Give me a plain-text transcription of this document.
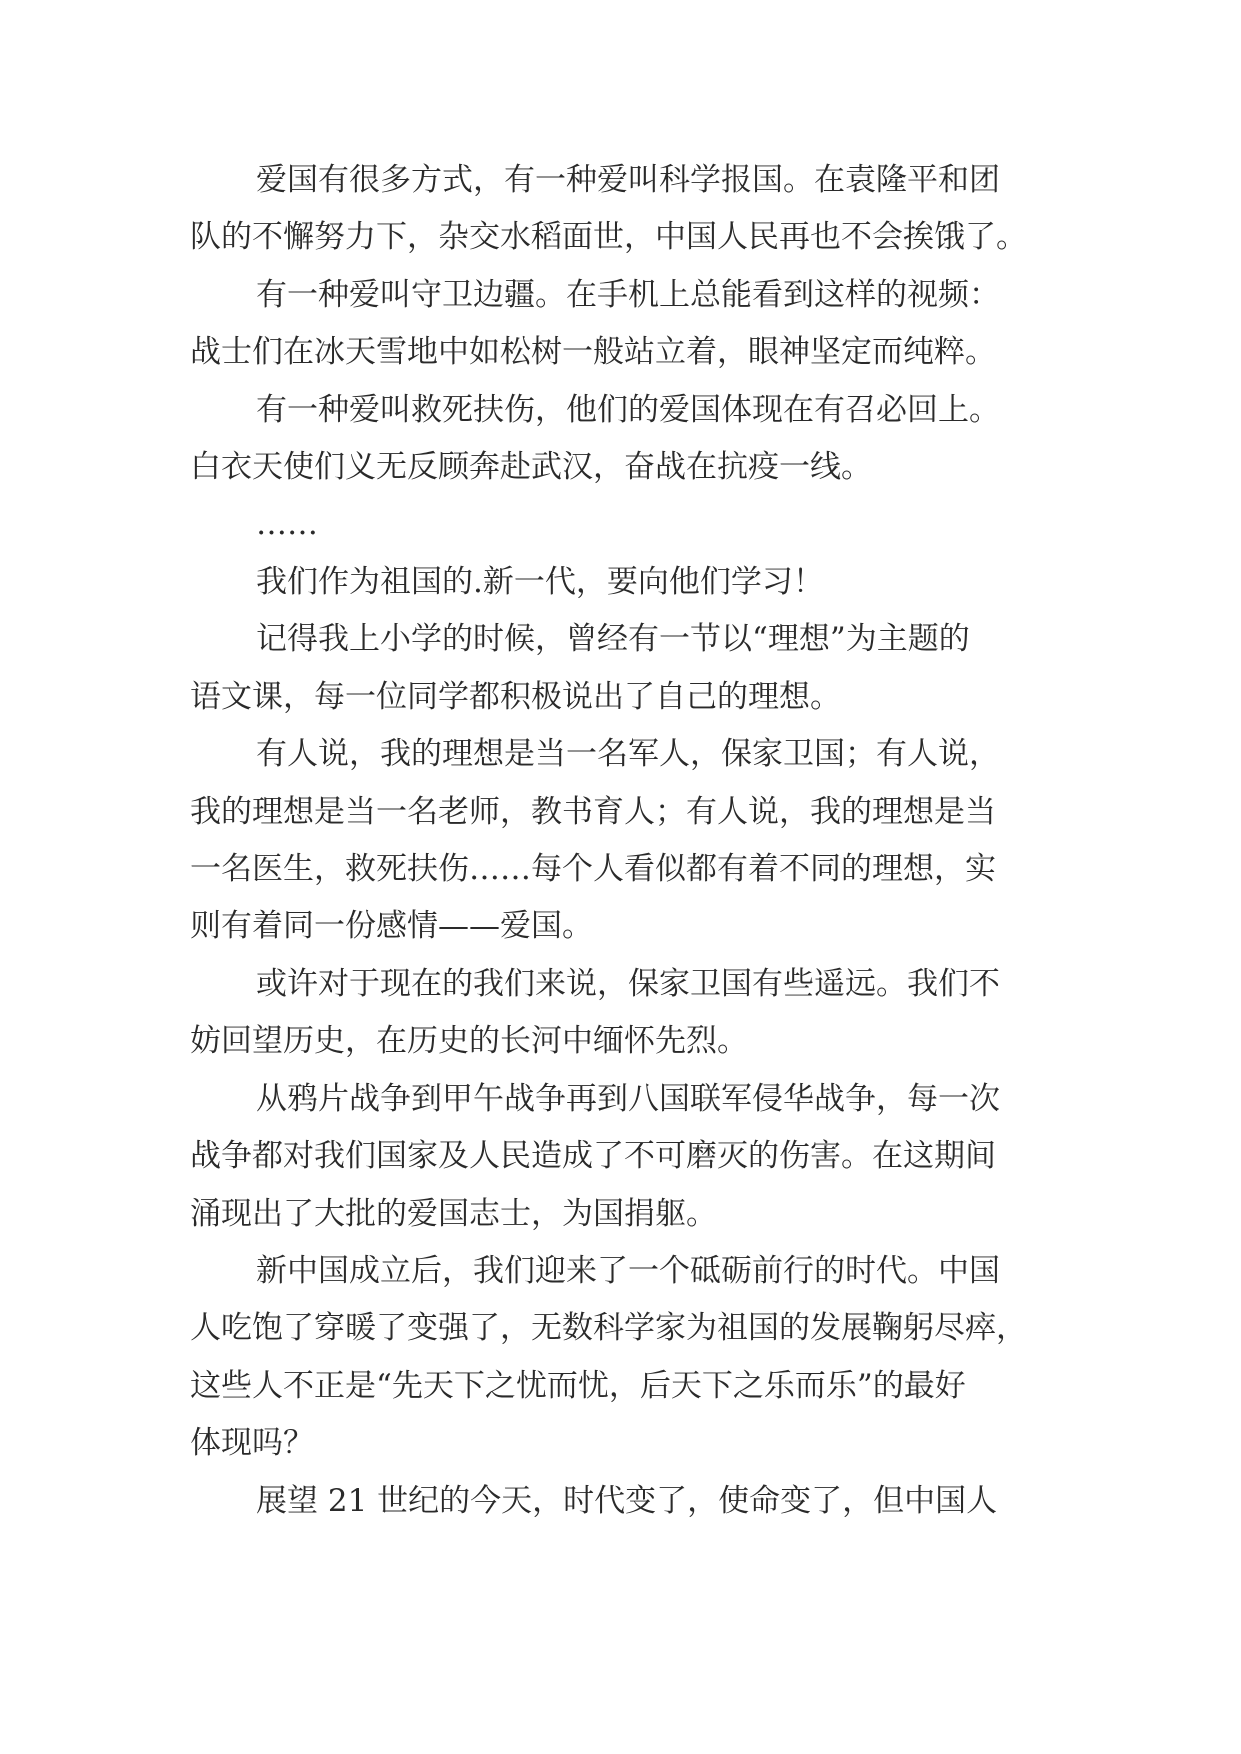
爱国有很多方式，有一种爱叫科学报国。在袁隆平和团
队的不懈努力下，杂交水稻面世，中国人民再也不会挨饿了。
有一种爱叫守卫边疆。在手机上总能看到这样的视频：
战士们在冰天雪地中如松树一般站立着，眼神坚定而纯粹。
有一种爱叫救死扶伤，他们的爱国体现在有召必回上。
白衣天使们义无反顾奔赴武汉，奋战在抗疫一线。
……
我们作为祖国的.新一代，要向他们学习！
记得我上小学的时候，曾经有一节以“理想”为主题的
语文课，每一位同学都积极说出了自己的理想。
有人说，我的理想是当一名军人，保家卫国；有人说，
我的理想是当一名老师，教书育人；有人说，我的理想是当
一名医生，救死扶伤……每个人看似都有着不同的理想，实
则有着同一份感情——爱国。
或许对于现在的我们来说，保家卫国有些遥远。我们不
妨回望历史，在历史的长河中缅怀先烈。
从鸦片战争到甲午战争再到八国联军侵华战争，每一次
战争都对我们国家及人民造成了不可磨灭的伤害。在这期间
涌现出了大批的爱国志士，为国捐躯。
新中国成立后，我们迎来了一个砥砺前行的时代。中国
人吃饱了穿暖了变强了，无数科学家为祖国的发展鞠躬尽瘁，
这些人不正是“先天下之忧而忧，后天下之乐而乐”的最好
体现吗？
展望 21 世纪的今天，时代变了，使命变了，但中国人
